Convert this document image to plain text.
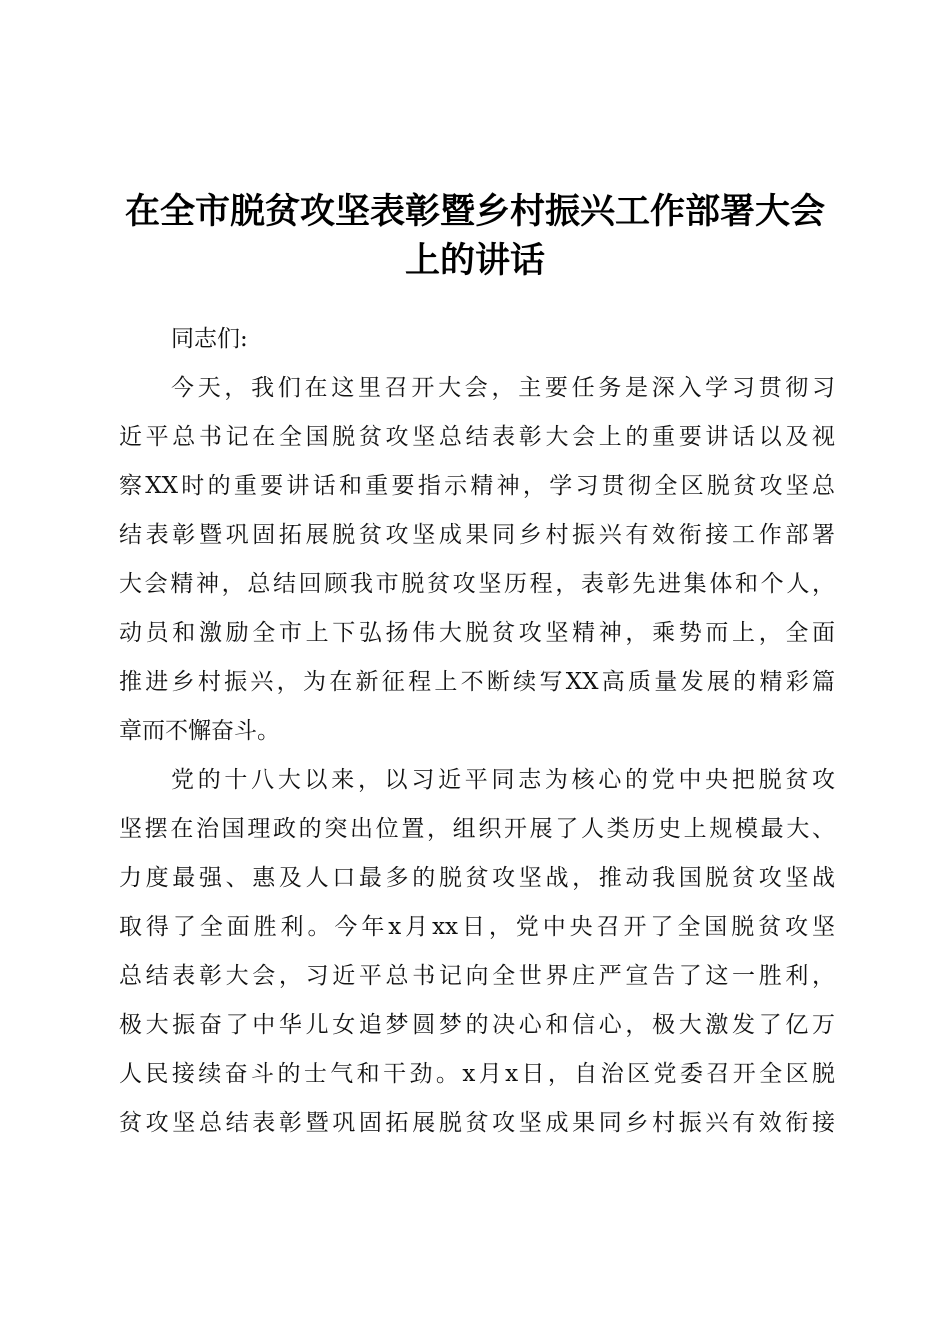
在全市脱贫攻坚表彰暨乡村振兴工作部署大会
上的讲话
同志们:
今天，我们在这里召开大会，主要任务是深入学习贯彻习
近平总书记在全国脱贫攻坚总结表彰大会上的重要讲话以及视
察XX时的重要讲话和重要指示精神，学习贯彻全区脱贫攻坚总
结表彰暨巩固拓展脱贫攻坚成果同乡村振兴有效衔接工作部署
大会精神，总结回顾我市脱贫攻坚历程，表彰先进集体和个人，
动员和激励全市上下弘扬伟大脱贫攻坚精神，乘势而上，全面
推进乡村振兴，为在新征程上不断续写XX高质量发展的精彩篇
章而不懈奋斗。
党的十八大以来，以习近平同志为核心的党中央把脱贫攻
坚摆在治国理政的突出位置，组织开展了人类历史上规模最大、
力度最强、惠及人口最多的脱贫攻坚战，推动我国脱贫攻坚战
取得了全面胜利。今年x月xx日，党中央召开了全国脱贫攻坚
总结表彰大会，习近平总书记向全世界庄严宣告了这一胜利，
极大振奋了中华儿女追梦圆梦的决心和信心，极大激发了亿万
人民接续奋斗的士气和干劲。x月x日，自治区党委召开全区脱
贫攻坚总结表彰暨巩固拓展脱贫攻坚成果同乡村振兴有效衔接
